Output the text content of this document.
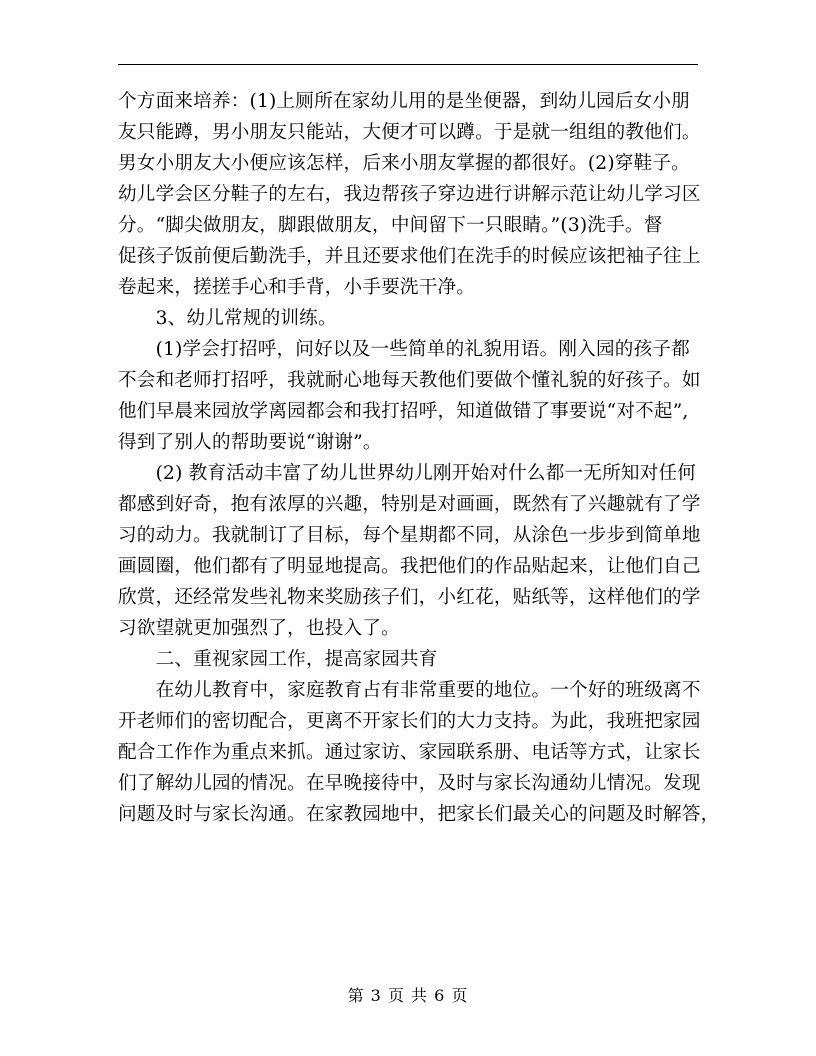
个方面来培养：(1)上厕所在家幼儿用的是坐便器，到幼儿园后女小朋
友只能蹲，男小朋友只能站，大便才可以蹲。于是就一组组的教他们。
男女小朋友大小便应该怎样，后来小朋友掌握的都很好。(2)穿鞋子。
幼儿学会区分鞋子的左右，我边帮孩子穿边进行讲解示范让幼儿学习区
分。“脚尖做朋友，脚跟做朋友，中间留下一只眼睛。”(3)洗手。督
促孩子饭前便后勤洗手，并且还要求他们在洗手的时候应该把袖子往上
卷起来，搓搓手心和手背，小手要洗干净。
　　3、幼儿常规的训练。
　　(1)学会打招呼，问好以及一些简单的礼貌用语。刚入园的孩子都
不会和老师打招呼，我就耐心地每天教他们要做个懂礼貌的好孩子。如
他们早晨来园放学离园都会和我打招呼，知道做错了事要说“对不起”,
得到了别人的帮助要说“谢谢”。
　　(2) 教育活动丰富了幼儿世界幼儿刚开始对什么都一无所知对任何
都感到好奇，抱有浓厚的兴趣，特别是对画画，既然有了兴趣就有了学
习的动力。我就制订了目标，每个星期都不同，从涂色一步步到简单地
画圆圈，他们都有了明显地提高。我把他们的作品贴起来，让他们自己
欣赏，还经常发些礼物来奖励孩子们，小红花，贴纸等，这样他们的学
习欲望就更加强烈了，也投入了。
　　二、重视家园工作，提高家园共育
　　在幼儿教育中，家庭教育占有非常重要的地位。一个好的班级离不
开老师们的密切配合，更离不开家长们的大力支持。为此，我班把家园
配合工作作为重点来抓。通过家访、家园联系册、电话等方式，让家长
们了解幼儿园的情况。在早晚接待中，及时与家长沟通幼儿情况。发现
问题及时与家长沟通。在家教园地中，把家长们最关心的问题及时解答，
第 3 页 共 6 页
